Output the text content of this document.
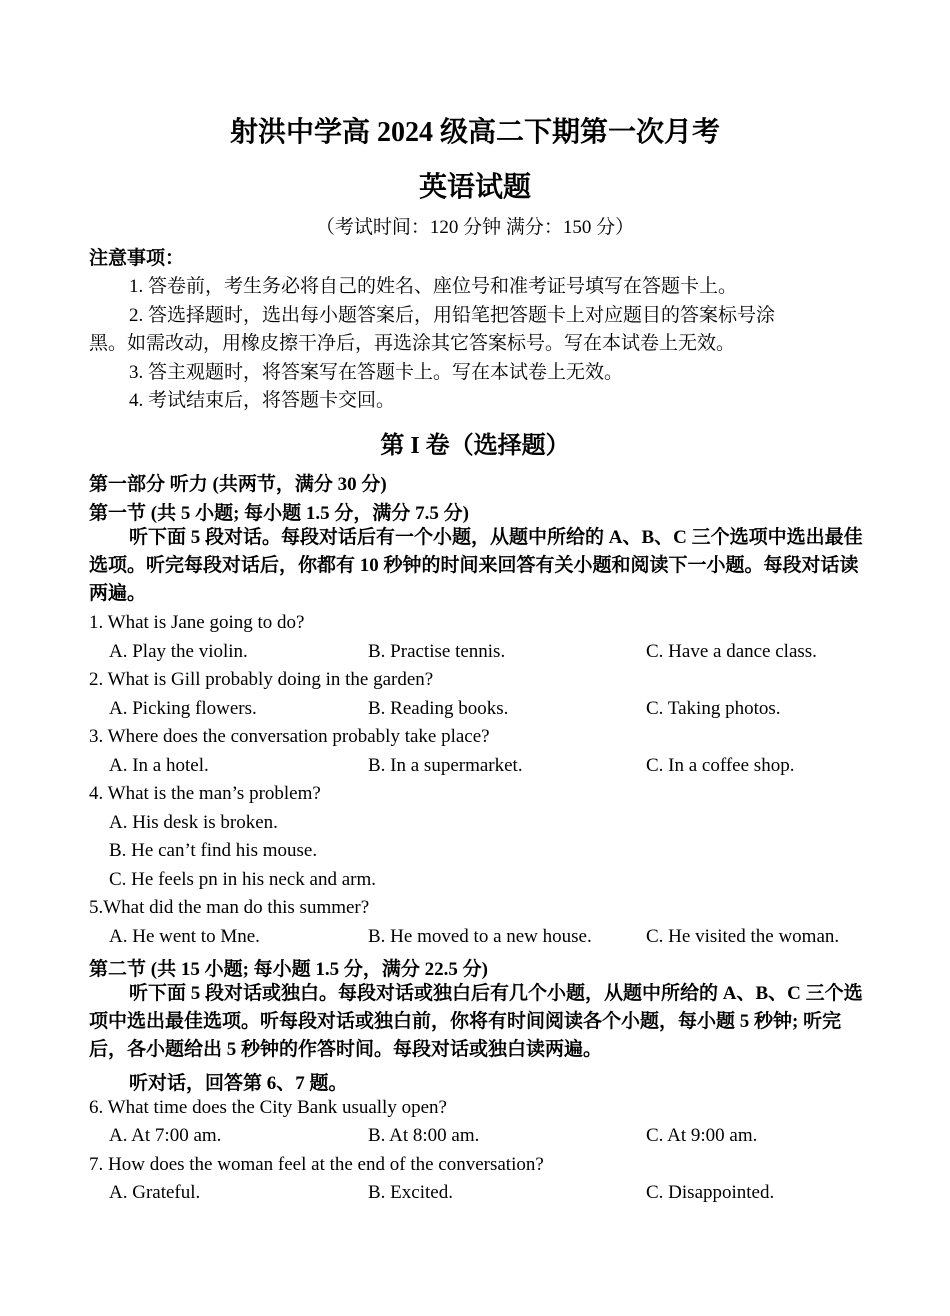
射洪中学高 2024 级高二下期第一次月考
英语试题
（考试时间：120 分钟 满分：150 分）
注意事项：
1. 答卷前，考生务必将自己的姓名、座位号和准考证号填写在答题卡上。
2. 答选择题时，选出每小题答案后，用铅笔把答题卡上对应题目的答案标号涂
黑。如需改动，用橡皮擦干净后，再选涂其它答案标号。写在本试卷上无效。
3. 答主观题时，将答案写在答题卡上。写在本试卷上无效。
4. 考试结束后，将答题卡交回。
第 I 卷（选择题）
第一部分 听力 (共两节，满分 30 分)
第一节 (共 5 小题; 每小题 1.5 分，满分 7.5 分)
听下面 5 段对话。每段对话后有一个小题，从题中所给的 A、B、C 三个选项中选出最佳选项。听完每段对话后，你都有 10 秒钟的时间来回答有关小题和阅读下一小题。每段对话读两遍。
1. What is Jane going to do?
A. Play the violin.	B. Practise tennis.	C. Have a dance class.
2. What is Gill probably doing in the garden?
A. Picking flowers.	B. Reading books.	C. Taking photos.
3. Where does the conversation probably take place?
A. In a hotel.	B. In a supermarket.	C. In a coffee shop.
4. What is the man’s problem?
A. His desk is broken.
B. He can’t find his mouse.
C. He feels pn in his neck and arm.
5.What did the man do this summer?
A. He went to Mne.	B. He moved to a new house.	C. He visited the woman.
第二节 (共 15 小题; 每小题 1.5 分，满分 22.5 分)
听下面 5 段对话或独白。每段对话或独白后有几个小题，从题中所给的 A、B、C 三个选项中选出最佳选项。听每段对话或独白前，你将有时间阅读各个小题，每小题 5 秒钟; 听完后，各小题给出 5 秒钟的作答时间。每段对话或独白读两遍。
听对话，回答第 6、7 题。
6. What time does the City Bank usually open?
A. At 7:00 am.	B. At 8:00 am.	C. At 9:00 am.
7. How does the woman feel at the end of the conversation?
A. Grateful.	B. Excited.	C. Disappointed.
